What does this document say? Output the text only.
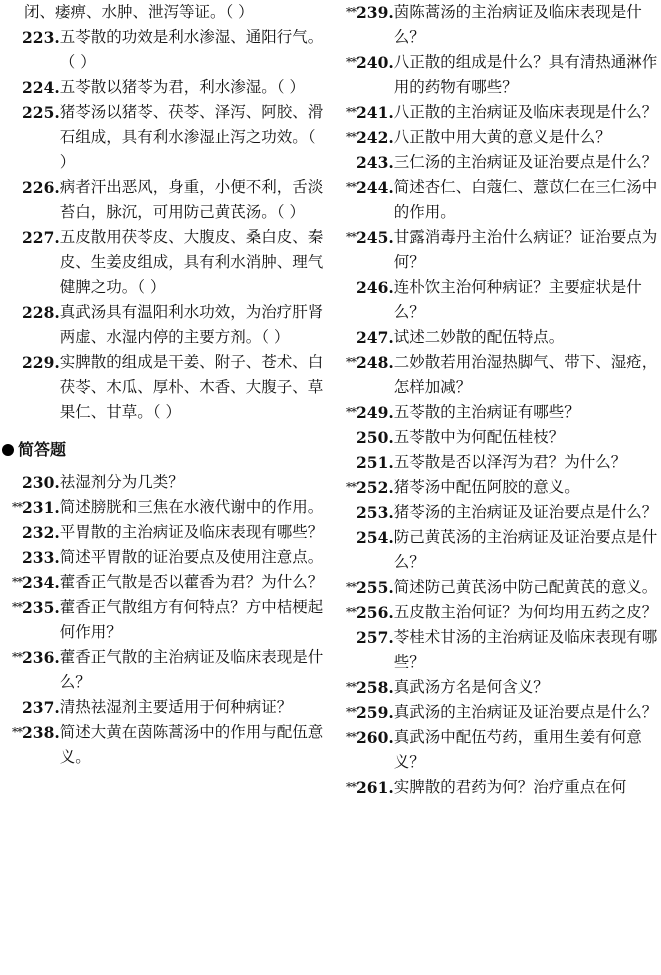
闭、痿痹、水肿、泄泻等证。（ ）
223. 五苓散的功效是利水渗湿、通阳行气。（ ）
224. 五苓散以猪苓为君，利水渗湿。（ ）
225. 猪苓汤以猪苓、茯苓、泽泻、阿胶、滑石组成，具有利水渗湿止泻之功效。（ ）
226. 病者汗出恶风，身重，小便不利，舌淡苔白，脉沉，可用防己黄芪汤。（ ）
227. 五皮散用茯苓皮、大腹皮、桑白皮、秦皮、生姜皮组成，具有利水消肿、理气健脾之功。（ ）
228. 真武汤具有温阳利水功效，为治疗肝肾两虚、水湿内停的主要方剂。（ ）
229. 实脾散的组成是干姜、附子、苍术、白茯苓、木瓜、厚朴、木香、大腹子、草果仁、甘草。（ ）
简答题
230. 祛湿剂分为几类？
** 231. 简述膀胱和三焦在水液代谢中的作用。
232. 平胃散的主治病证及临床表现有哪些？
233. 简述平胃散的证治要点及使用注意点。
** 234. 藿香正气散是否以藿香为君？为什么？
** 235. 藿香正气散组方有何特点？方中桔梗起何作用？
** 236. 藿香正气散的主治病证及临床表现是什么？
237. 清热祛湿剂主要适用于何种病证？
** 238. 简述大黄在茵陈蒿汤中的作用与配伍意义。
** 239. 茵陈蒿汤的主治病证及临床表现是什么？
** 240. 八正散的组成是什么？具有清热通淋作用的药物有哪些？
** 241. 八正散的主治病证及临床表现是什么？
** 242. 八正散中用大黄的意义是什么？
243. 三仁汤的主治病证及证治要点是什么？
** 244. 简述杏仁、白蔻仁、薏苡仁在三仁汤中的作用。
** 245. 甘露消毒丹主治什么病证？证治要点为何？
246. 连朴饮主治何种病证？主要症状是什么？
247. 试述二妙散的配伍特点。
** 248. 二妙散若用治湿热脚气、带下、湿疮，怎样加减？
** 249. 五苓散的主治病证有哪些？
250. 五苓散中为何配伍桂枝？
251. 五苓散是否以泽泻为君？为什么？
** 252. 猪苓汤中配伍阿胶的意义。
253. 猪苓汤的主治病证及证治要点是什么？
254. 防己黄芪汤的主治病证及证治要点是什么？
** 255. 简述防己黄芪汤中防己配黄芪的意义。
** 256. 五皮散主治何证？为何均用五药之皮？
257. 苓桂术甘汤的主治病证及临床表现有哪些？
** 258. 真武汤方名是何含义？
** 259. 真武汤的主治病证及证治要点是什么？
** 260. 真武汤中配伍芍药，重用生姜有何意义？
** 261. 实脾散的君药为何？治疗重点在何
